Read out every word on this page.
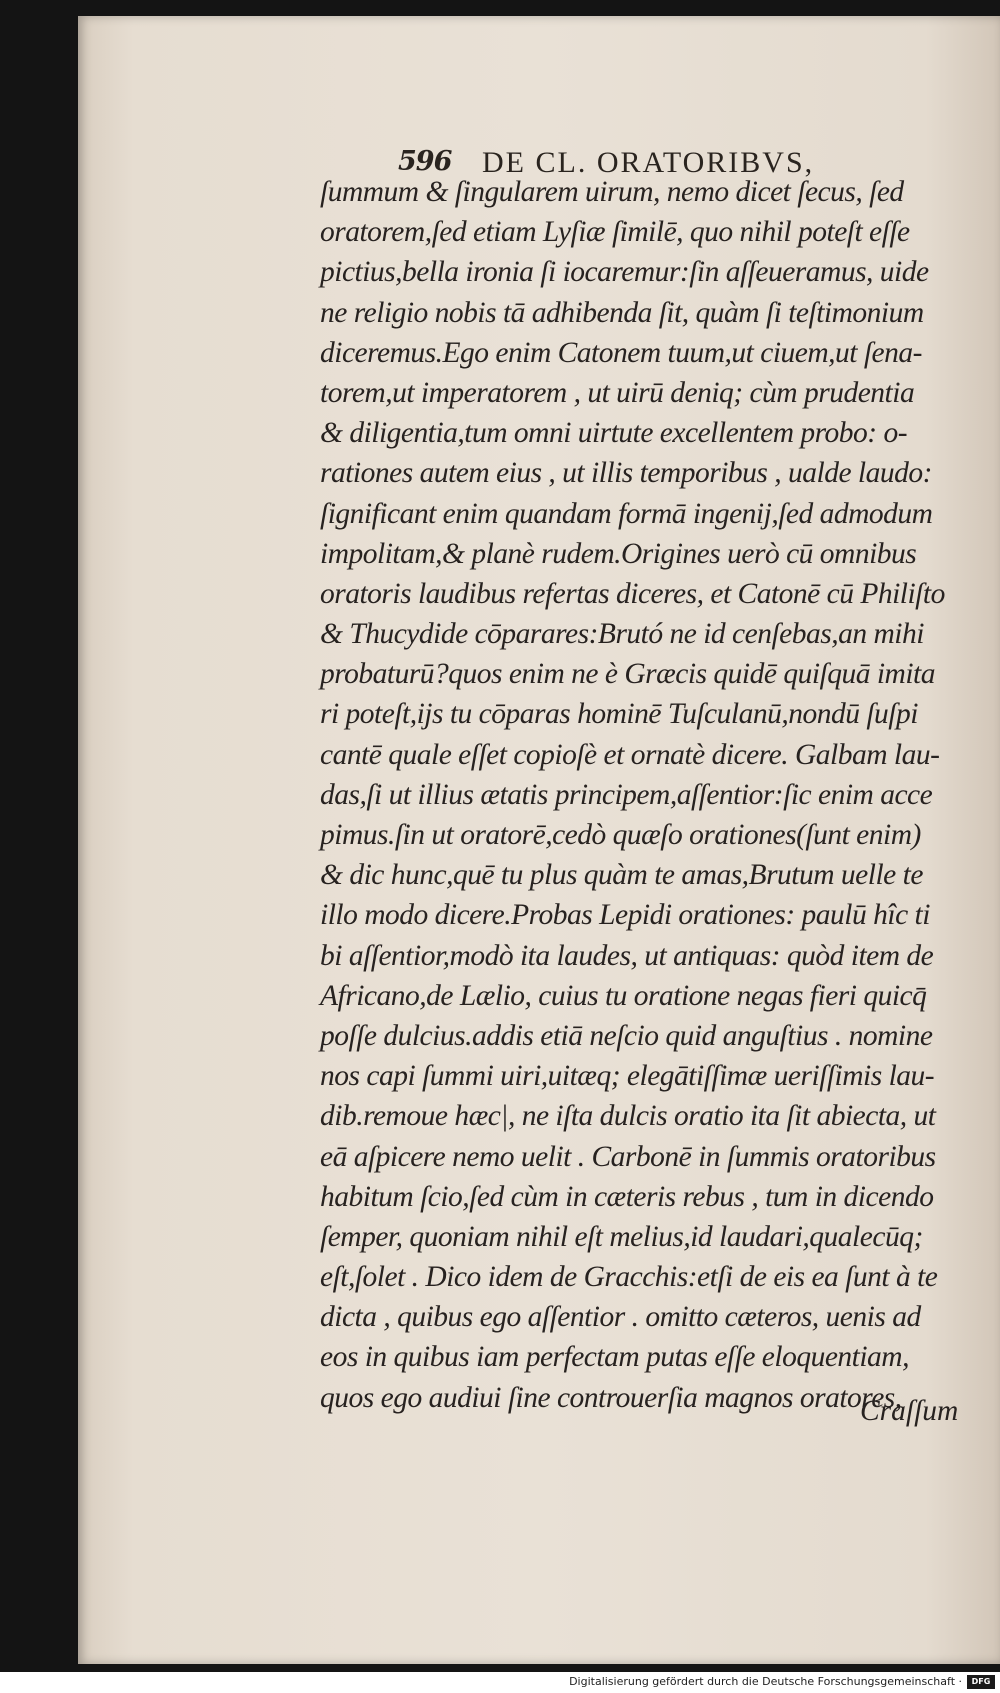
596 DE CL. ORATORIBVS,
ſummum & ſingularem uirum, nemo dicet ſecus, ſed
oratorem,ſed etiam Lyſiæ ſimilē, quo nihil poteſt eſſe
pictius,bella ironia ſi iocaremur:ſin aſſeueramus, uide
ne religio nobis tā adhibenda ſit, quàm ſi teſtimonium
diceremus.Ego enim Catonem tuum,ut ciuem,ut ſena-
torem,ut imperatorem , ut uirū deniq; cùm prudentia
& diligentia,tum omni uirtute excellentem probo: o-
rationes autem eius , ut illis temporibus , ualde laudo:
ſignificant enim quandam formā ingenij,ſed admodum
impolitam,& planè rudem.Origines uerò cū omnibus
oratoris laudibus refertas diceres, et Catonē cū Philiſto
& Thucydide cōparares:Brutó ne id cenſebas,an mihi
probaturū?quos enim ne è Græcis quidē quiſquā imita
ri poteſt,ijs tu cōparas hominē Tuſculanū,nondū ſuſpi
cantē quale eſſet copioſè et ornatè dicere. Galbam lau-
das,ſi ut illius ætatis principem,aſſentior:ſic enim acce
pimus.ſin ut oratorē,cedò quæſo orationes(ſunt enim)
& dic hunc,quē tu plus quàm te amas,Brutum uelle te
illo modo dicere.Probas Lepidi orationes: paulū hîc ti
bi aſſentior,modò ita laudes, ut antiquas: quòd item de
Africano,de Lælio, cuius tu oratione negas fieri quicq̄
poſſe dulcius.addis etiā neſcio quid anguſtius . nomine
nos capi ſummi uiri,uitæq; elegātiſſimæ ueriſſimis lau-
dib.remoue hæc|, ne iſta dulcis oratio ita ſit abiecta, ut
eā aſpicere nemo uelit . Carbonē in ſummis oratoribus
habitum ſcio,ſed cùm in cæteris rebus , tum in dicendo
ſemper, quoniam nihil eſt melius,id laudari,qualecūq;
eſt,ſolet . Dico idem de Gracchis:etſi de eis ea ſunt à te
dicta , quibus ego aſſentior . omitto cæteros, uenis ad
eos in quibus iam perfectam putas eſſe eloquentiam,
quos ego audiui ſine controuerſia magnos oratores,
Craſſum
Digitalisierung gefördert durch die Deutsche Forschungsgemeinschaft ·	DFG
